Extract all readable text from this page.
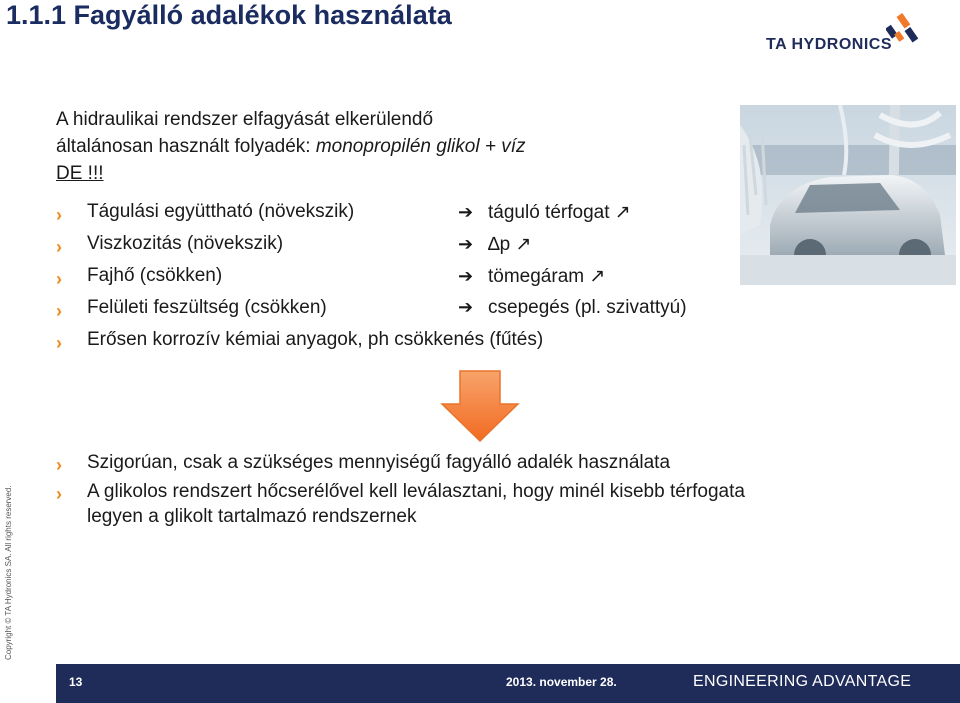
1.1.1 Fagyálló adalékok használata
TA HYDRONICS
A hidraulikai rendszer elfagyását elkerülendő
általánosan használt folyadék: monopropilén glikol + víz
DE !!!
›	Tágulási együttható (növekszik)	➔ táguló térfogat ↗
›	Viszkozitás (növekszik)	➔ ∆p ↗
›	Fajhő (csökken)	➔ tömegáram ↗
›	Felületi feszültség (csökken)	➔ csepegés (pl. szivattyú)
›	Erősen korrozív kémiai anyagok, ph csökkenés (fűtés)
›	Szigorúan, csak a szükséges mennyiségű fagyálló adalék használata
›	A glikolos rendszert hőcserélővel kell leválasztani, hogy minél kisebb térfogata
legyen a glikolt tartalmazó rendszernek
Copyright © TA Hydronics SA. All rights reserved.
13	2013. november 28.	ENGINEERING ADVANTAGE
